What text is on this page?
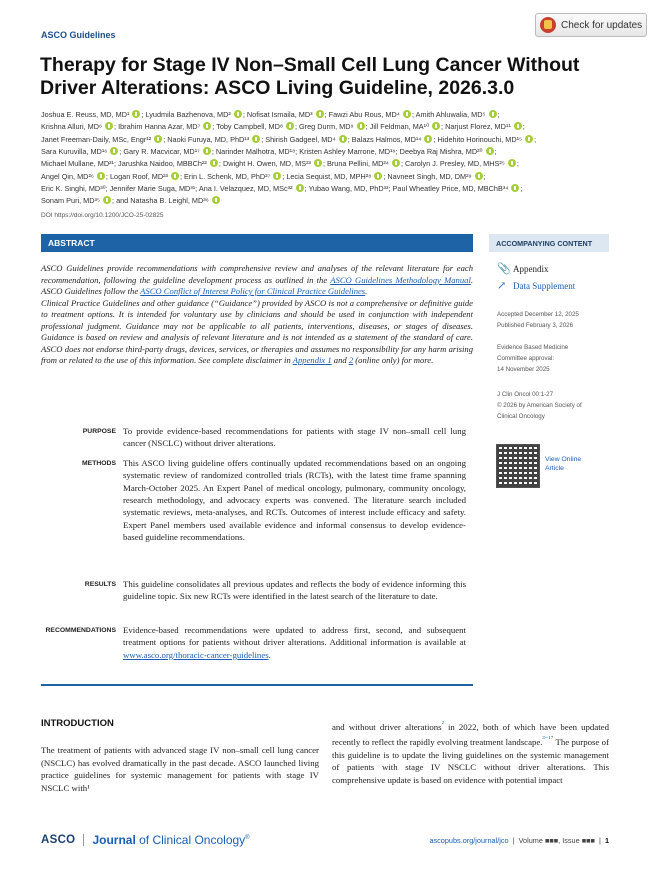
ASCO Guidelines
Check for updates
Therapy for Stage IV Non–Small Cell Lung Cancer Without Driver Alterations: ASCO Living Guideline, 2026.3.0
Joshua E. Reuss, MD, MD¹ ; Lyudmila Bazhenova, MD² ; Nofisat Ismaila, MD³ ; Fawzi Abu Rous, MD⁴ ; Amith Ahluwalia, MD⁵ ;
Krishna Alluri, MD⁶ ; Ibrahim Hanna Azar, MD⁷ ; Toby Campbell, MD⁸ ; Greg Durm, MD⁹ ; Jill Feldman, MA¹⁰ ; Narjust Florez, MD¹¹ ;
Janet Freeman-Daily, MSc, Engr¹² ; Naoki Furuya, MD, PhD¹³ ; Shirish Gadgeel, MD⁴ ; Balazs Halmos, MD¹⁴ ; Hidehito Horinouchi, MD¹⁵ ;
Sara Kuruvilla, MD¹⁶ ; Gary R. Macvicar, MD¹⁷ ; Narinder Malhotra, MD¹⁸; Kristen Ashley Marrone, MD¹⁹; Deebya Raj Mishra, MD²⁰ ;
Michael Mullane, MD²¹; Jarushka Naidoo, MBBCh²² ; Dwight H. Owen, MD, MS²³ ; Bruna Pellini, MD²⁴ ; Carolyn J. Presley, MD, MHS²⁵ ;
Angel Qin, MD²⁶ ; Logan Roof, MD²³ ; Erin L. Schenk, MD, PhD²⁷ ; Lecia Sequist, MD, MPH²⁸ ; Navneet Singh, MD, DM²⁹ ;
Eric K. Singhi, MD³⁰; Jennifer Marie Suga, MD³¹; Ana I. Velazquez, MD, MSc³² ; Yubao Wang, MD, PhD³³; Paul Wheatley Price, MD, MBChB³⁴ ;
Sonam Puri, MD³⁵ ; and Natasha B. Leighl, MD³⁶
DOI https://doi.org/10.1200/JCO-25-02825
ABSTRACT

ASCO Guidelines provide recommendations with comprehensive review and analyses of the relevant literature for each recommendation, following the guideline development process as outlined in the ASCO Guidelines Methodology Manual. ASCO Guidelines follow the ASCO Conflict of Interest Policy for Clinical Practice Guidelines.

Clinical Practice Guidelines and other guidance (“Guidance”) provided by ASCO is not a comprehensive or definitive guide to treatment options. It is intended for voluntary use by clinicians and should be used in conjunction with independent professional judgment. Guidance may not be applicable to all patients, interventions, diseases, or stages of diseases. Guidance is based on review and analysis of relevant literature and is not intended as a statement of the standard of care. ASCO does not endorse third-party drugs, devices, services, or therapies and assumes no responsibility for any harm arising from or related to the use of this information. See complete disclaimer in Appendix 1 and 2 (online only) for more.

PURPOSE To provide evidence-based recommendations for patients with stage IV non–small cell lung cancer (NSCLC) without driver alterations.
METHODS This ASCO living guideline offers continually updated recommendations based on an ongoing systematic review of randomized controlled trials (RCTs), with the latest time frame spanning March-October 2025. An Expert Panel of medical oncology, pulmonary, community oncology, research methodology, and advocacy experts was convened. The literature search included systematic reviews, meta-analyses, and RCTs. Outcomes of interest include efficacy and safety. Expert Panel members used available evidence and informal consensus to develop evidence-based guideline recommendations.
RESULTS This guideline consolidates all previous updates and reflects the body of evidence informing this guideline topic. Six new RCTs were identified in the latest search of the literature to date.
RECOMMENDATIONS Evidence-based recommendations were updated to address first, second, and subsequent treatment options for patients without driver alterations. Additional information is available at www.asco.org/thoracic-cancer-guidelines.
ACCOMPANYING CONTENT
📎 Appendix
↗ Data Supplement
Accepted December 12, 2025
Published February 3, 2026
Evidence Based Medicine
Committee approval:
14 November 2025
J Clin Oncol 00:1-27
© 2026 by American Society of
Clinical Oncology
View Online Article
INTRODUCTION
The treatment of patients with advanced stage IV non–small cell lung cancer (NSCLC) has evolved dramatically in the past decade. ASCO launched living practice guidelines for systemic management for patients with stage IV NSCLC with¹
and without driver alterations$^{^2}$ in 2022, both of which have been updated recently to reflect the rapidly evolving treatment landscape.$^{^{3-17}}$ The purpose of this guideline is to update the living guidelines on the systemic management of patients with stage IV NSCLC without driver alterations. This comprehensive update is based on evidence with potential impact
ASCO Journal of Clinical Oncology®	ascopubs.org/journal/jco  |  Volume ■■■, Issue ■■■  |  1
